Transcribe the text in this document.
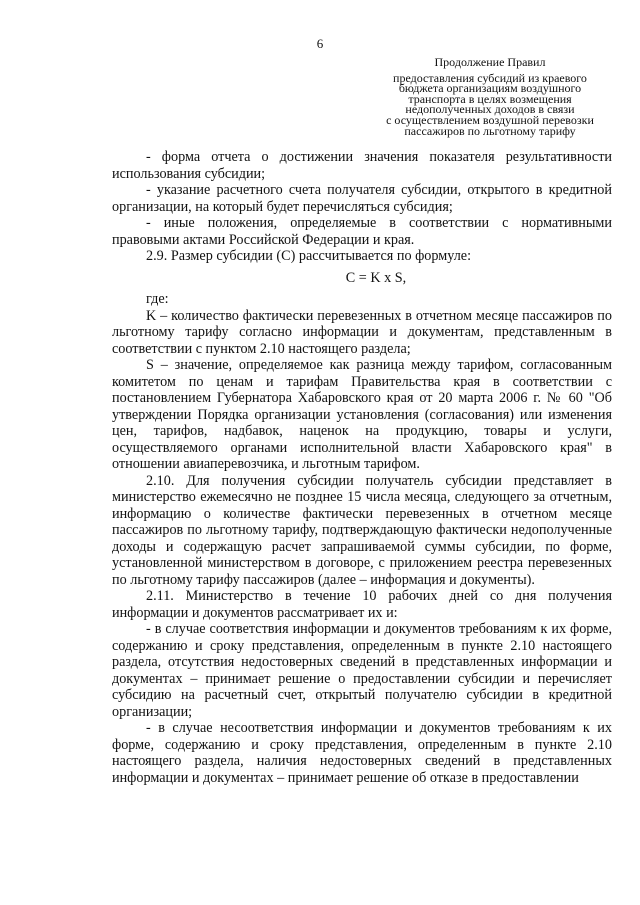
6
Продолжение Правил
предоставления субсидий из краевого
бюджета организациям воздушного
транспорта в целях возмещения
недополученных доходов в связи
с осуществлением воздушной перевозки
пассажиров по льготному тарифу

- форма отчета о достижении значения показателя результативности использования субсидии;

- указание расчетного счета получателя субсидии, открытого в кредитной организации, на который будет перечисляться субсидия;

- иные положения, определяемые в соответствии с нормативными правовыми актами Российской Федерации и края.

2.9. Размер субсидии (C) рассчитывается по формуле:

C = K x S,

где:

K – количество фактически перевезенных в отчетном месяце пассажиров по льготному тарифу согласно информации и документам, представленным в соответствии с пунктом 2.10 настоящего раздела;

S – значение, определяемое как разница между тарифом, согласованным комитетом по ценам и тарифам Правительства края в соответствии с постановлением Губернатора Хабаровского края от 20 марта 2006 г. № 60 "Об утверждении Порядка организации установления (согласования) или изменения цен, тарифов, надбавок, наценок на продукцию, товары и услуги, осуществляемого органами исполнительной власти Хабаровского края" в отношении авиаперевозчика, и льготным тарифом.

2.10. Для получения субсидии получатель субсидии представляет в министерство ежемесячно не позднее 15 числа месяца, следующего за отчетным, информацию о количестве фактически перевезенных в отчетном месяце пассажиров по льготному тарифу, подтверждающую фактически недополученные доходы и содержащую расчет запрашиваемой суммы субсидии, по форме, установленной министерством в договоре, с приложением реестра перевезенных по льготному тарифу пассажиров (далее – информация и документы).

2.11. Министерство в течение 10 рабочих дней со дня получения информации и документов рассматривает их и:

- в случае соответствия информации и документов требованиям к их форме, содержанию и сроку представления, определенным в пункте 2.10 настоящего раздела, отсутствия недостоверных сведений в представленных информации и документах – принимает решение о предоставлении субсидии и перечисляет субсидию на расчетный счет, открытый получателю субсидии в кредитной организации;

- в случае несоответствия информации и документов требованиям к их форме, содержанию и сроку представления, определенным в пункте 2.10 настоящего раздела, наличия недостоверных сведений в представленных информации и документах – принимает решение об отказе в предоставлении
